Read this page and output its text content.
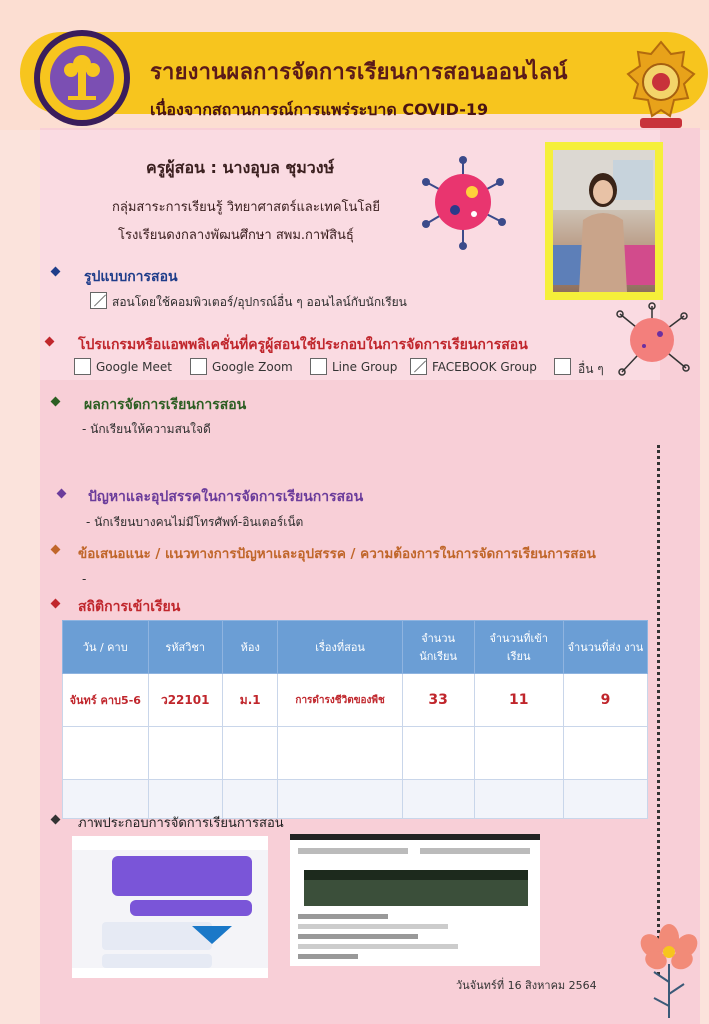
รายงานผลการจัดการเรียนการสอนออนไลน์
เนื่องจากสถานการณ์การแพร่ระบาด COVID-19
ครูผู้สอน : นางอุบล ชุมวงษ์
กลุ่มสาระการเรียนรู้ วิทยาศาสตร์และเทคโนโลยี
โรงเรียนดงกลางพัฒนศึกษา สพม.กาฬสินธุ์
รูปแบบการสอน
สอนโดยใช้คอมพิวเตอร์/อุปกรณ์อื่น ๆ ออนไลน์กับนักเรียน
โปรแกรมหรือแอพพลิเคชั่นที่ครูผู้สอนใช้ประกอบในการจัดการเรียนการสอน
Google Meet	Google Zoom	Line Group	FACEBOOK Group	อื่น ๆ
ผลการจัดการเรียนการสอน
- นักเรียนให้ความสนใจดี
ปัญหาและอุปสรรคในการจัดการเรียนการสอน
- นักเรียนบางคนไม่มีโทรศัพท์-อินเตอร์เน็ต
ข้อเสนอแนะ / แนวทางการปัญหาและอุปสรรค / ความต้องการในการจัดการเรียนการสอน
-
สถิติการเข้าเรียน
วัน / คาบ	รหัสวิชา	ห้อง	เรื่องที่สอน	จำนวน นักเรียน	จำนวนที่เข้า เรียน	จำนวนที่ส่ง งาน
จันทร์ คาบ5-6	ว22101	ม.1	การดำรงชีวิตของพืช	33	11	9

ภาพประกอบการจัดการเรียนการสอน
วันจันทร์ที่ 16 สิงหาคม 2564
